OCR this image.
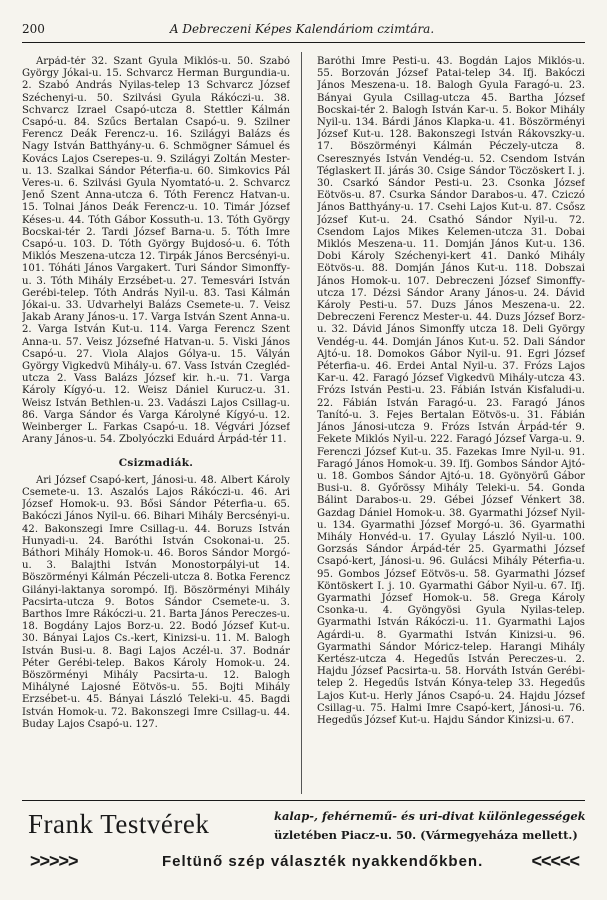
200	A Debreczeni Képes Kalendáriom czimtára.

Árpád-tér 32. Szant Gyula Miklós-u. 50. Szabó György Jókai-u. 15. Schvarcz Herman Burgundia-u. 2. Szabó András Nyilas-telep 13 Schvarcz József Széchenyi-u. 50. Szilvási Gyula Rákóczi-u. 38. Schvarcz Izrael Csapó-utcza 8. Stettler Kálmán Csapó-u. 84. Szűcs Bertalan Csapó-u. 9. Szilner Ferencz Deák Ferencz-u. 16. Szilágyi Balázs és Nagy István Batthyány-u. 6. Schmögner Sámuel és Kovács Lajos Cserepes-u. 9. Szilágyi Zoltán Mester-u. 13. Szalkai Sándor Péterfia-u. 60. Simkovics Pál Veres-u. 6. Szilvási Gyula Nyomtató-u. 2. Schvarcz Jenő Szent Anna-utcza 6. Tóth Ferencz Hatvan-u. 15. Tolnai János Deák Ferencz-u. 10. Timár József Késes-u. 44. Tóth Gábor Kossuth-u. 13. Tóth György Bocskai-tér 2. Tardi József Barna-u. 5. Tóth Imre Csapó-u. 103. D. Tóth György Bujdosó-u. 6. Tóth Miklós Meszena-utcza 12. Tirpák János Bercsényi-u. 101. Tóháti János Vargakert. Turi Sándor Simonffy-u. 3. Tóth Mihály Erzsébet-u. 27. Temesvári István Gerébi-telep. Tóth András Nyil-u. 83. Tasi Kálmán Jókai-u. 33. Udvarhelyi Balázs Csemete-u. 7. Veisz Jakab Arany János-u. 17. Varga István Szent Anna-u. 2. Varga István Kut-u. 114. Varga Ferencz Szent Anna-u. 57. Veisz Józsefné Hatvan-u. 5. Viski János Csapó-u. 27. Viola Alajos Gólya-u. 15. Vályán György Vigkedvü Mihály-u. 67. Vass István Czegléd-utcza 2. Vass Balázs József kir. h.-u. 71. Varga Károly Kígyó-u. 12. Weisz Dániel Kurucz-u. 31. Weisz István Bethlen-u. 23. Vadászi Lajos Csillag-u. 86. Varga Sándor és Varga Károlyné Kígyó-u. 12. Weinberger L. Farkas Csapó-u. 18. Végvári József Arany János-u. 54. Zbolyóczki Eduárd Árpád-tér 11.

Csizmadiák.

Ari József Csapó-kert, Jánosi-u. 48. Albert Károly Csemete-u. 13. Aszalós Lajos Rákóczi-u. 46. Ari József Homok-u. 93. Bősi Sándor Péterfia-u. 65. Bakóczi János Nyil-u. 66. Bihari Mihály Bercsényi-u. 42. Bakonszegi Imre Csillag-u. 44. Boruzs István Hunyadi-u. 24. Baróthi István Csokonai-u. 25. Báthori Mihály Homok-u. 46. Boros Sándor Morgó-u. 3. Balajthi István Monostorpályi-ut 14. Böszörményi Kálmán Péczeli-utcza 8. Botka Ferencz Gilányi-laktanya sorompó. Ifj. Böszörményi Mihály Pacsirta-utcza 9. Botos Sándor Csemete-u. 3. Barthos Imre Rákóczi-u. 21. Barta János Pereczes-u. 18. Bogdány Lajos Borz-u. 22. Bodó József Kut-u. 30. Bányai Lajos Cs.-kert, Kinizsi-u. 11. M. Balogh István Busi-u. 8. Bagi Lajos Aczél-u. 37. Bodnár Péter Gerébi-telep. Bakos Károly Homok-u. 24. Böszörményi Mihály Pacsirta-u. 12. Balogh Mihályné Lajosné Eötvös-u. 55. Bojti Mihály Erzsébet-u. 45. Bányai László Teleki-u. 45. Bagdi István Homok-u. 72. Bakonszegi Imre Csillag-u. 44. Buday Lajos Csapó-u. 127.

Baróthi Imre Pesti-u. 43. Bogdán Lajos Miklós-u. 55. Borzován József Patai-telep 34. Ifj. Bakóczi János Meszena-u. 18. Balogh Gyula Faragó-u. 23. Bányai Gyula Csillag-utcza 45. Bartha József Bocskai-tér 2. Balogh István Kar-u. 5. Bokor Mihály Nyil-u. 134. Bárdi János Klapka-u. 41. Böszörményi József Kut-u. 128. Bakonszegi István Rákovszky-u. 17. Böszörményi Kálmán Péczely-utcza 8. Cseresznyés István Vendég-u. 52. Csendom István Téglaskert II. járás 30. Csige Sándor Töczöskert I. j. 30. Csarkó Sándor Pesti-u. 23. Csonka József Eötvös-u. 87. Csurka Sándor Darabos-u. 47. Cziczó János Batthyány-u. 17. Csehi Lajos Kut-u. 87. Csősz József Kut-u. 24. Csathó Sándor Nyil-u. 72. Csendom Lajos Mikes Kelemen-utcza 31. Dobai Miklós Meszena-u. 11. Domján János Kut-u. 136. Dobi Károly Széchenyi-kert 41. Dankó Mihály Eötvös-u. 88. Domján János Kut-u. 118. Dobszai János Homok-u. 107. Debreczeni József Simonffy-utcza 17. Dézsi Sándor Arany János-u. 24. Dávid Károly Pesti-u. 57. Duzs János Meszena-u. 22. Debreczeni Ferencz Mester-u. 44. Duzs József Borz-u. 32. Dávid János Simonffy utcza 18. Deli György Vendég-u. 44. Domján János Kut-u. 52. Dali Sándor Ajtó-u. 18. Domokos Gábor Nyil-u. 91. Egri József Péterfia-u. 46. Erdei Antal Nyil-u. 37. Frózs Lajos Kar-u. 42. Faragó József Vigkedvü Mihály-utcza 43. Frózs István Pesti-u. 23. Fábián István Kisfaludi-u. 22. Fábián István Faragó-u. 23. Faragó János Tanító-u. 3. Fejes Bertalan Eötvös-u. 31. Fábián János Jánosi-utcza 9. Frózs István Árpád-tér 9. Fekete Miklós Nyil-u. 222. Faragó József Varga-u. 9. Ferenczi József Kut-u. 35. Fazekas Imre Nyil-u. 91. Faragó János Homok-u. 39. Ifj. Gombos Sándor Ajtó-u. 18. Gombos Sándor Ajtó-u. 18. Gyönyörű Gábor Busi-u. 8. Győrössy Mihály Teleki-u. 54. Gonda Bálint Darabos-u. 29. Gébei József Vénkert 38. Gazdag Dániel Homok-u. 38. Gyarmathi József Nyil-u. 134. Gyarmathi József Morgó-u. 36. Gyarmathi Mihály Honvéd-u. 17. Gyulay László Nyil-u. 100. Gorzsás Sándor Árpád-tér 25. Gyarmathi József Csapó-kert, Jánosi-u. 96. Gulácsi Mihály Péterfia-u. 95. Gombos József Eötvös-u. 58. Gyarmathi József Köntöskert I. j. 10. Gyarmathi Gábor Nyil-u. 67. Ifj. Gyarmathi József Homok-u. 58. Grega Károly Csonka-u. 4. Gyöngyösi Gyula Nyilas-telep. Gyarmathi István Rákóczi-u. 11. Gyarmathi Lajos Agárdi-u. 8. Gyarmathi István Kinizsi-u. 96. Gyarmathi Sándor Móricz-telep. Harangi Mihály Kertész-utcza 4. Hegedűs István Pereczes-u. 2. Hajdu József Pacsirta-u. 58. Horváth István Gerébi-telep 2. Hegedűs István Kónya-telep 33. Hegedűs Lajos Kut-u. Herly János Csapó-u. 24. Hajdu József Csillag-u. 75. Halmi Imre Csapó-kert, Jánosi-u. 76. Hegedűs József Kut-u. Hajdu Sándor Kinizsi-u. 67.

Frank Testvérek	kalap-, fehérnemű- és uri-divat különlegességek
üzletében Piacz-u. 50. (Vármegyeháza mellett.)
>>>>>	Feltünő szép választék nyakkendőkben.	<<<<<
